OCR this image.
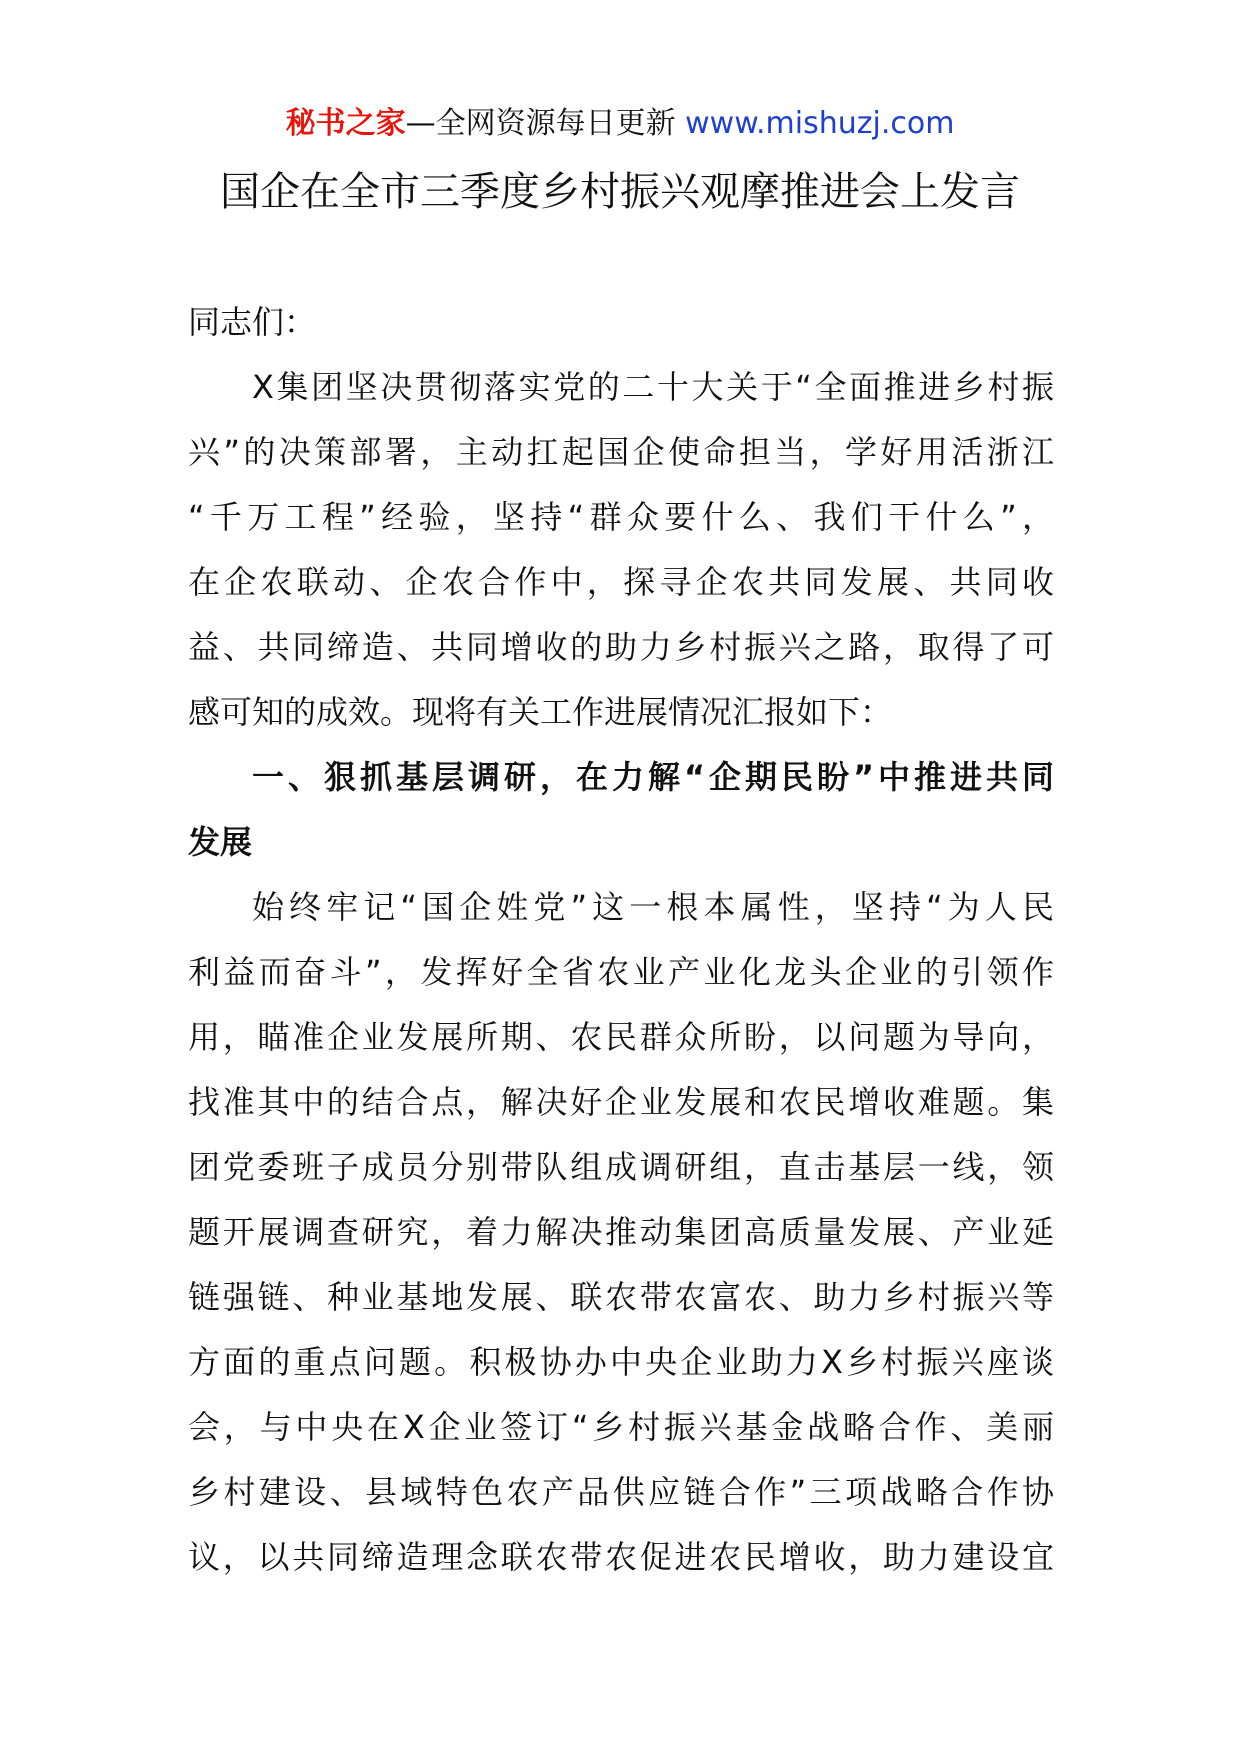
秘书之家—全网资源每日更新 www.mishuzj.com
国企在全市三季度乡村振兴观摩推进会上发言
同志们：
X集团坚决贯彻落实党的二十大关于“全面推进乡村振
兴”的决策部署，主动扛起国企使命担当，学好用活浙江
“千万工程”经验，坚持“群众要什么、我们干什么”，
在企农联动、企农合作中，探寻企农共同发展、共同收
益、共同缔造、共同增收的助力乡村振兴之路，取得了可
感可知的成效。现将有关工作进展情况汇报如下：
一、狠抓基层调研，在力解“企期民盼”中推进共同
发展
始终牢记“国企姓党”这一根本属性，坚持“为人民
利益而奋斗”，发挥好全省农业产业化龙头企业的引领作
用，瞄准企业发展所期、农民群众所盼，以问题为导向，
找准其中的结合点，解决好企业发展和农民增收难题。集
团党委班子成员分别带队组成调研组，直击基层一线，领
题开展调查研究，着力解决推动集团高质量发展、产业延
链强链、种业基地发展、联农带农富农、助力乡村振兴等
方面的重点问题。积极协办中央企业助力X乡村振兴座谈
会，与中央在X企业签订“乡村振兴基金战略合作、美丽
乡村建设、县域特色农产品供应链合作”三项战略合作协
议，以共同缔造理念联农带农促进农民增收，助力建设宜
